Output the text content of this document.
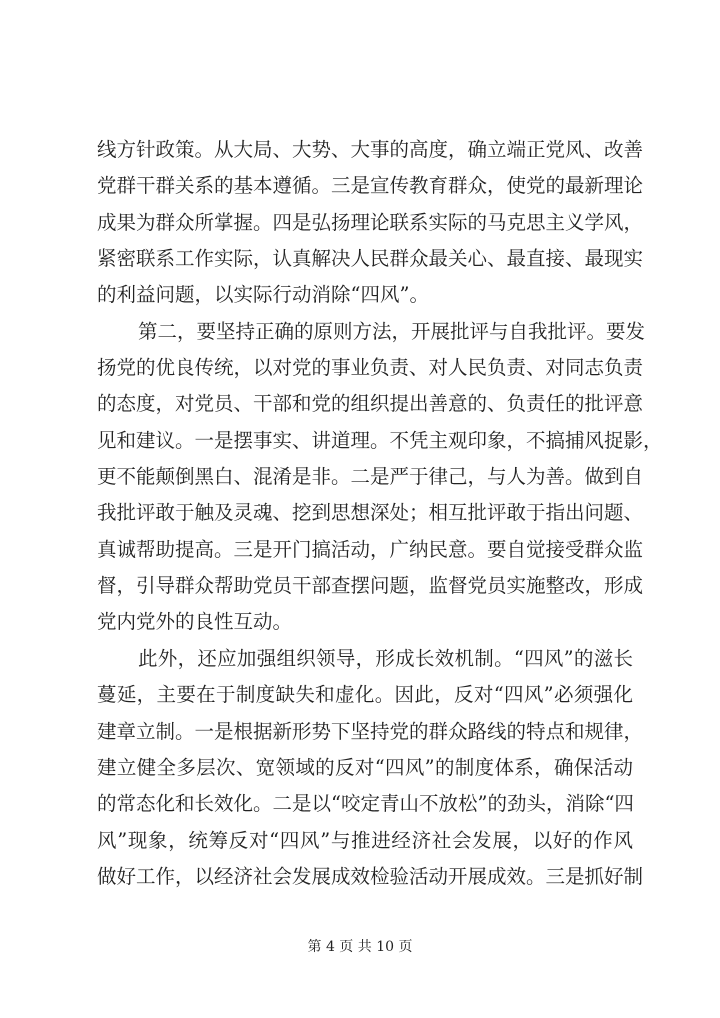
线方针政策。从大局、大势、大事的高度，确立端正党风、改善
党群干群关系的基本遵循。三是宣传教育群众，使党的最新理论
成果为群众所掌握。四是弘扬理论联系实际的马克思主义学风，
紧密联系工作实际，认真解决人民群众最关心、最直接、最现实
的利益问题，以实际行动消除“四风”。
第二，要坚持正确的原则方法，开展批评与自我批评。要发
扬党的优良传统，以对党的事业负责、对人民负责、对同志负责
的态度，对党员、干部和党的组织提出善意的、负责任的批评意
见和建议。一是摆事实、讲道理。不凭主观印象，不搞捕风捉影，
更不能颠倒黑白、混淆是非。二是严于律己，与人为善。做到自
我批评敢于触及灵魂、挖到思想深处；相互批评敢于指出问题、
真诚帮助提高。三是开门搞活动，广纳民意。要自觉接受群众监
督，引导群众帮助党员干部查摆问题，监督党员实施整改，形成
党内党外的良性互动。
此外，还应加强组织领导，形成长效机制。“四风”的滋长
蔓延，主要在于制度缺失和虚化。因此，反对“四风”必须强化
建章立制。一是根据新形势下坚持党的群众路线的特点和规律，
建立健全多层次、宽领域的反对“四风”的制度体系，确保活动
的常态化和长效化。二是以“咬定青山不放松”的劲头，消除“四
风”现象，统筹反对“四风”与推进经济社会发展，以好的作风
做好工作，以经济社会发展成效检验活动开展成效。三是抓好制
第 4 页 共 10 页
